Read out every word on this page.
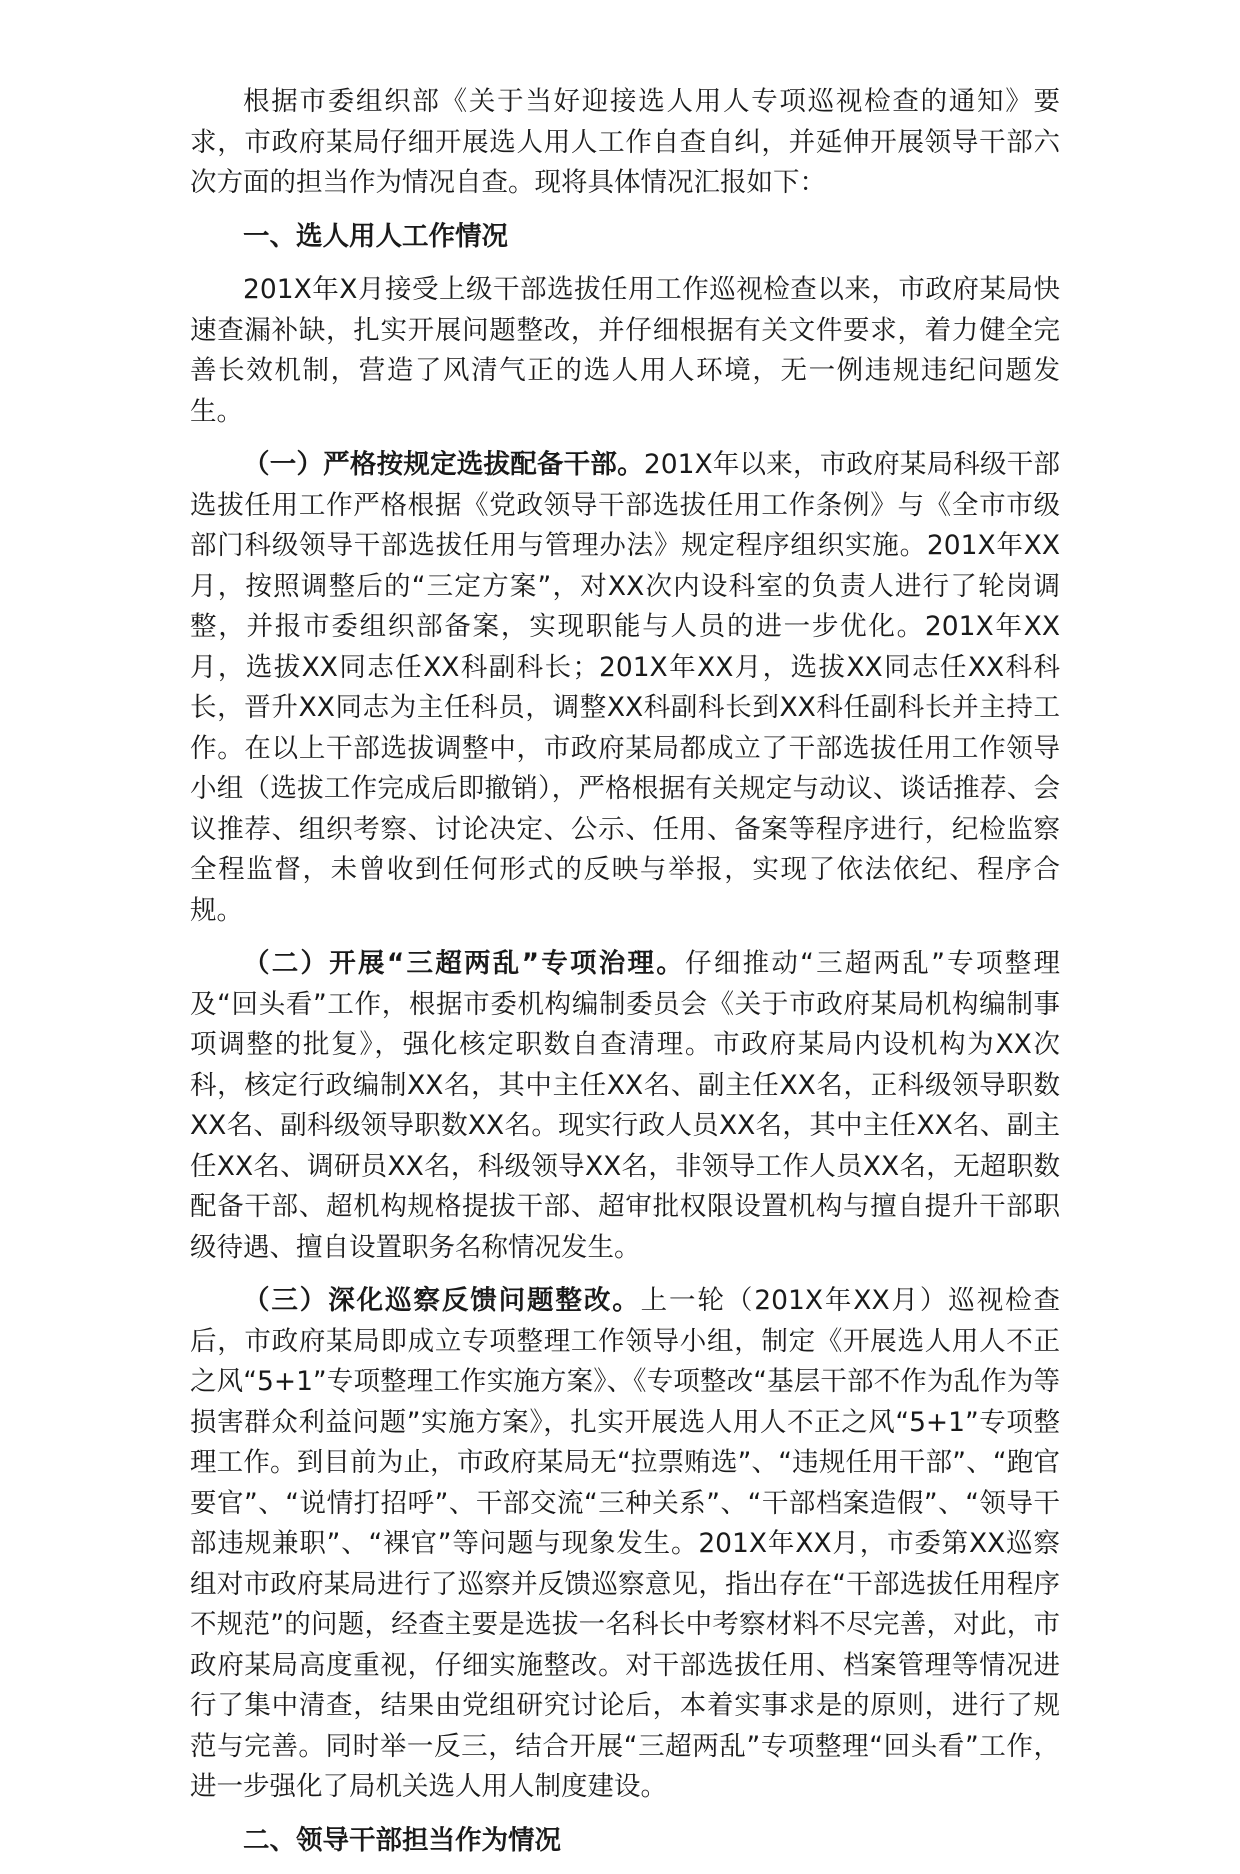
根据市委组织部《关于当好迎接选人用人专项巡视检查的通知》要求，市政府某局仔细开展选人用人工作自查自纠，并延伸开展领导干部六次方面的担当作为情况自查。现将具体情况汇报如下：

一、选人用人工作情况

201X年X月接受上级干部选拔任用工作巡视检查以来，市政府某局快速查漏补缺，扎实开展问题整改，并仔细根据有关文件要求，着力健全完善长效机制，营造了风清气正的选人用人环境，无一例违规违纪问题发生。

（一）严格按规定选拔配备干部。201X年以来，市政府某局科级干部选拔任用工作严格根据《党政领导干部选拔任用工作条例》与《全市市级部门科级领导干部选拔任用与管理办法》规定程序组织实施。201X年XX月，按照调整后的“三定方案”，对XX次内设科室的负责人进行了轮岗调整，并报市委组织部备案，实现职能与人员的进一步优化。201X年XX月，选拔XX同志任XX科副科长；201X年XX月，选拔XX同志任XX科科长，晋升XX同志为主任科员，调整XX科副科长到XX科任副科长并主持工作。在以上干部选拔调整中，市政府某局都成立了干部选拔任用工作领导小组（选拔工作完成后即撤销），严格根据有关规定与动议、谈话推荐、会议推荐、组织考察、讨论决定、公示、任用、备案等程序进行，纪检监察全程监督，未曾收到任何形式的反映与举报，实现了依法依纪、程序合规。

（二）开展“三超两乱”专项治理。仔细推动“三超两乱”专项整理及“回头看”工作，根据市委机构编制委员会《关于市政府某局机构编制事项调整的批复》，强化核定职数自查清理。市政府某局内设机构为XX次科，核定行政编制XX名，其中主任XX名、副主任XX名，正科级领导职数XX名、副科级领导职数XX名。现实行政人员XX名，其中主任XX名、副主任XX名、调研员XX名，科级领导XX名，非领导工作人员XX名，无超职数配备干部、超机构规格提拔干部、超审批权限设置机构与擅自提升干部职级待遇、擅自设置职务名称情况发生。

（三）深化巡察反馈问题整改。上一轮（201X年XX月）巡视检查后，市政府某局即成立专项整理工作领导小组，制定《开展选人用人不正之风“5+1”专项整理工作实施方案》、《专项整改“基层干部不作为乱作为等损害群众利益问题”实施方案》，扎实开展选人用人不正之风“5+1”专项整理工作。到目前为止，市政府某局无“拉票贿选”、“违规任用干部”、“跑官要官”、“说情打招呼”、干部交流“三种关系”、“干部档案造假”、“领导干部违规兼职”、“裸官”等问题与现象发生。201X年XX月，市委第XX巡察组对市政府某局进行了巡察并反馈巡察意见，指出存在“干部选拔任用程序不规范”的问题，经查主要是选拔一名科长中考察材料不尽完善，对此，市政府某局高度重视，仔细实施整改。对干部选拔任用、档案管理等情况进行了集中清查，结果由党组研究讨论后，本着实事求是的原则，进行了规范与完善。同时举一反三，结合开展“三超两乱”专项整理“回头看”工作，进一步强化了局机关选人用人制度建设。

二、领导干部担当作为情况
